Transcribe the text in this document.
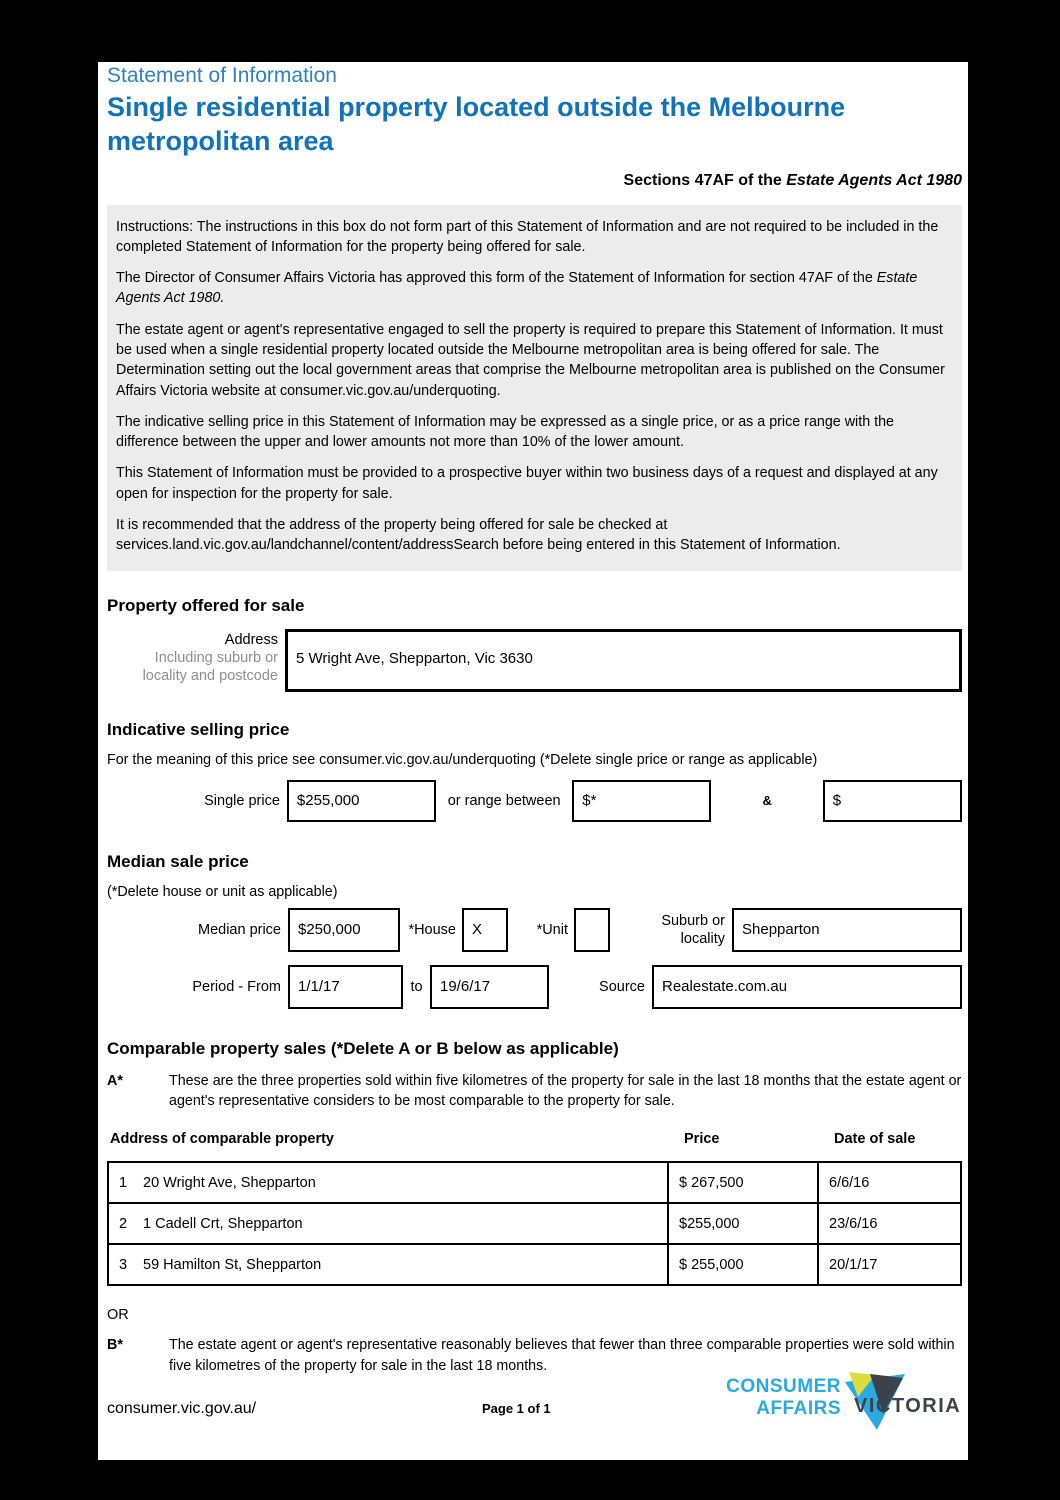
Statement of Information
Single residential property located outside the Melbourne metropolitan area
Sections 47AF of the Estate Agents Act 1980

Instructions: The instructions in this box do not form part of this Statement of Information and are not required to be included in the completed Statement of Information for the property being offered for sale.

The Director of Consumer Affairs Victoria has approved this form of the Statement of Information for section 47AF of the Estate Agents Act 1980.

The estate agent or agent's representative engaged to sell the property is required to prepare this Statement of Information. It must be used when a single residential property located outside the Melbourne metropolitan area is being offered for sale. The Determination setting out the local government areas that comprise the Melbourne metropolitan area is published on the Consumer Affairs Victoria website at consumer.vic.gov.au/underquoting.

The indicative selling price in this Statement of Information may be expressed as a single price, or as a price range with the difference between the upper and lower amounts not more than 10% of the lower amount.

This Statement of Information must be provided to a prospective buyer within two business days of a request and displayed at any open for inspection for the property for sale.

It is recommended that the address of the property being offered for sale be checked at services.land.vic.gov.au/landchannel/content/addressSearch before being entered in this Statement of Information.

Property offered for sale
Address
Including suburb or locality and postcode
5 Wright Ave, Shepparton, Vic 3630
Indicative selling price
For the meaning of this price see consumer.vic.gov.au/underquoting (*Delete single price or range as applicable)
Single price	$255,000	or range between	$*	&	$
Median sale price
(*Delete house or unit as applicable)
Median price	$250,000	*House	X	*Unit
Suburb or locality
Shepparton
Period - From	1/1/17	to	19/6/17	Source	Realestate.com.au
Comparable property sales (*Delete A or B below as applicable)
A*	These are the three properties sold within five kilometres of the property for sale in the last 18 months that the estate agent or agent's representative considers to be most comparable to the property for sale.
Address of comparable property	Price	Date of sale
1 20 Wright Ave, Shepparton	$ 267,500	6/6/16
2 1 Cadell Crt, Shepparton	$255,000	23/6/16
3 59 Hamilton St, Shepparton	$ 255,000	20/1/17
OR
B*	The estate agent or agent's representative reasonably believes that fewer than three comparable properties were sold within five kilometres of the property for sale in the last 18 months.
CONSUMER
AFFAIRS VICTORIA
consumer.vic.gov.au/	Page 1 of 1
